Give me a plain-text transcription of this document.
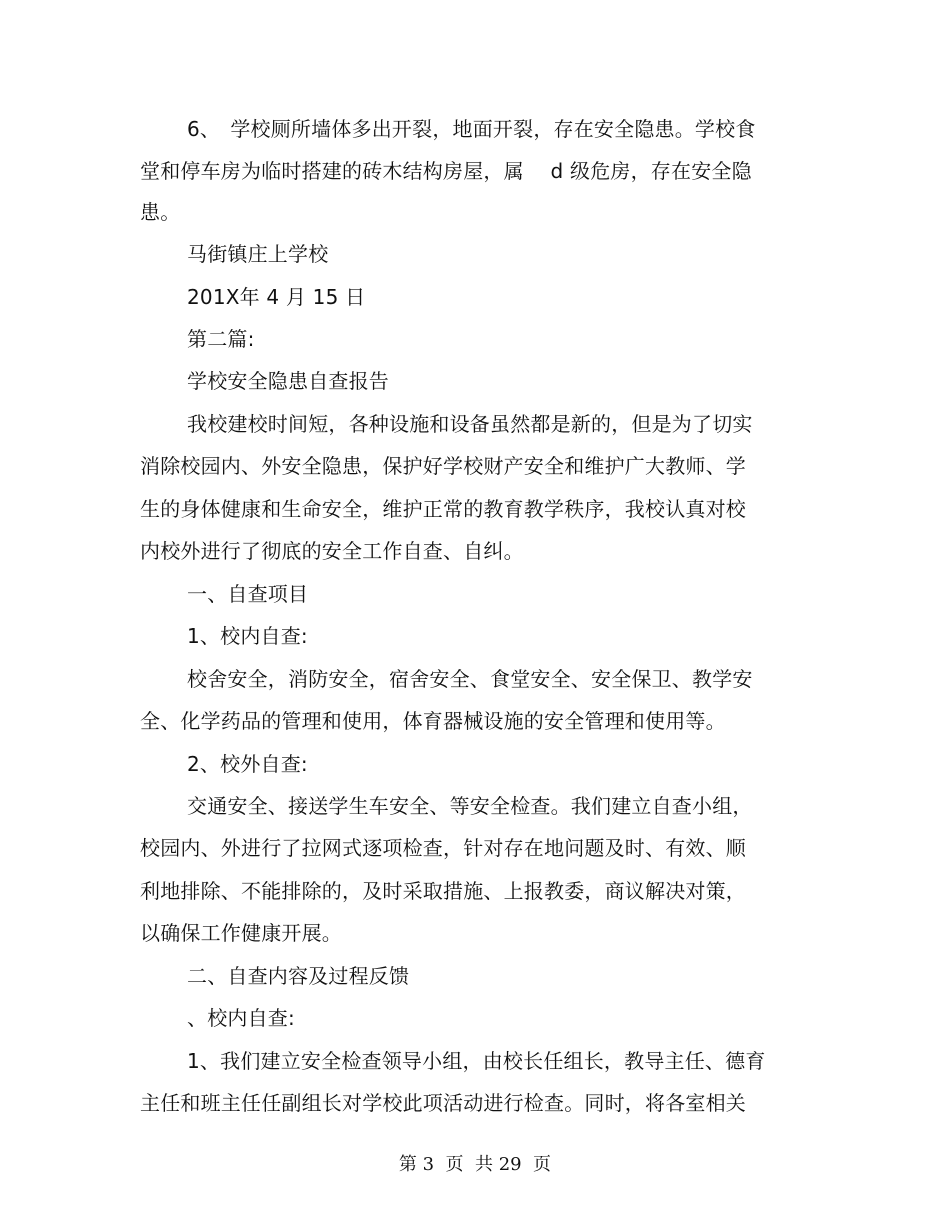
6、　学校厕所墙体多出开裂，地面开裂，存在安全隐患。学校食
堂和停车房为临时搭建的砖木结构房屋，属　 d 级危房，存在安全隐
患。
马街镇庄上学校
201X年 4 月 15 日
第二篇:
学校安全隐患自查报告
我校建校时间短，各种设施和设备虽然都是新的，但是为了切实
消除校园内、外安全隐患，保护好学校财产安全和维护广大教师、学
生的身体健康和生命安全，维护正常的教育教学秩序，我校认真对校
内校外进行了彻底的安全工作自查、自纠。
一、自查项目
1、校内自查:
校舍安全，消防安全，宿舍安全、食堂安全、安全保卫、教学安
全、化学药品的管理和使用，体育器械设施的安全管理和使用等。
2、校外自查:
交通安全、接送学生车安全、等安全检查。我们建立自查小组，
校园内、外进行了拉网式逐项检查，针对存在地问题及时、有效、顺
利地排除、不能排除的，及时采取措施、上报教委，商议解决对策，
以确保工作健康开展。
二、自查内容及过程反馈
、校内自查:
1、我们建立安全检查领导小组，由校长任组长，教导主任、德育
主任和班主任任副组长对学校此项活动进行检查。同时，将各室相关
第 3  页  共 29  页
